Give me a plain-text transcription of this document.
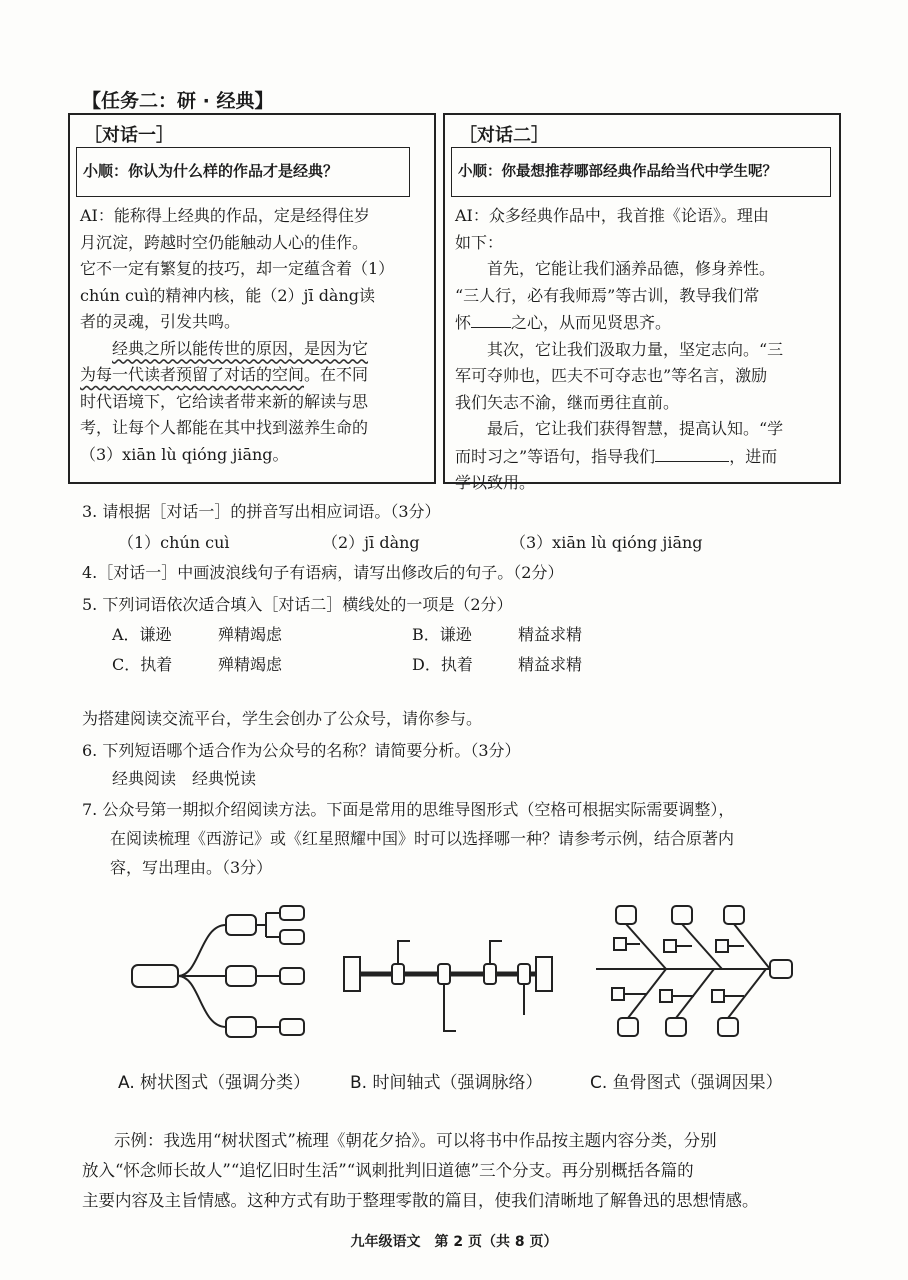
【任务二：研 · 经典】
［对话一］
小顺：你认为什么样的作品才是经典？

AI：能称得上经典的作品，定是经得住岁

月沉淀，跨越时空仍能触动人心的佳作。

它不一定有繁复的技巧，却一定蕴含着（1）

chún cuì的精神内核，能（2）jī dàng读

者的灵魂，引发共鸣。

经典之所以能传世的原因，是因为它

为每一代读者预留了对话的空间。在不同

时代语境下，它给读者带来新的解读与思

考，让每个人都能在其中找到滋养生命的

（3）xiān lù qióng jiāng。

［对话二］
小顺：你最想推荐哪部经典作品给当代中学生呢？

AI：众多经典作品中，我首推《论语》。理由

如下：

首先，它能让我们涵养品德，修身养性。

“三人行，必有我师焉”等古训，教导我们常

怀	之心，从而见贤思齐。

其次，它让我们汲取力量，坚定志向。“三

军可夺帅也，匹夫不可夺志也”等名言，激励

我们矢志不渝，继而勇往直前。

最后，它让我们获得智慧，提高认知。“学

而时习之”等语句，指导我们	，进而

学以致用。

3. 请根据［对话一］的拼音写出相应词语。（3分）
（1）chún cuì	（2）jī dàng	（3）xiān lù qióng jiāng
4.［对话一］中画波浪线句子有语病，请写出修改后的句子。（2分）
5. 下列词语依次适合填入［对话二］横线处的一项是（2分）
A．谦逊	殚精竭虑	B．谦逊	精益求精
C．执着	殚精竭虑	D．执着	精益求精
为搭建阅读交流平台，学生会创办了公众号，请你参与。
6. 下列短语哪个适合作为公众号的名称？请简要分析。（3分）
经典阅读　经典悦读

7. 公众号第一期拟介绍阅读方法。下面是常用的思维导图形式（空格可根据实际需要调整），

在阅读梳理《西游记》或《红星照耀中国》时可以选择哪一种？请参考示例，结合原著内

容，写出理由。（3分）

A. 树状图式（强调分类） B. 时间轴式（强调脉络）	C. 鱼骨图式（强调因果）

示例：我选用“树状图式”梳理《朝花夕拾》。可以将书中作品按主题内容分类，分别

放入“怀念师长故人”“追忆旧时生活”“讽刺批判旧道德”三个分支。再分别概括各篇的

主要内容及主旨情感。这种方式有助于整理零散的篇目，使我们清晰地了解鲁迅的思想情感。

九年级语文　第 2 页（共 8 页）
